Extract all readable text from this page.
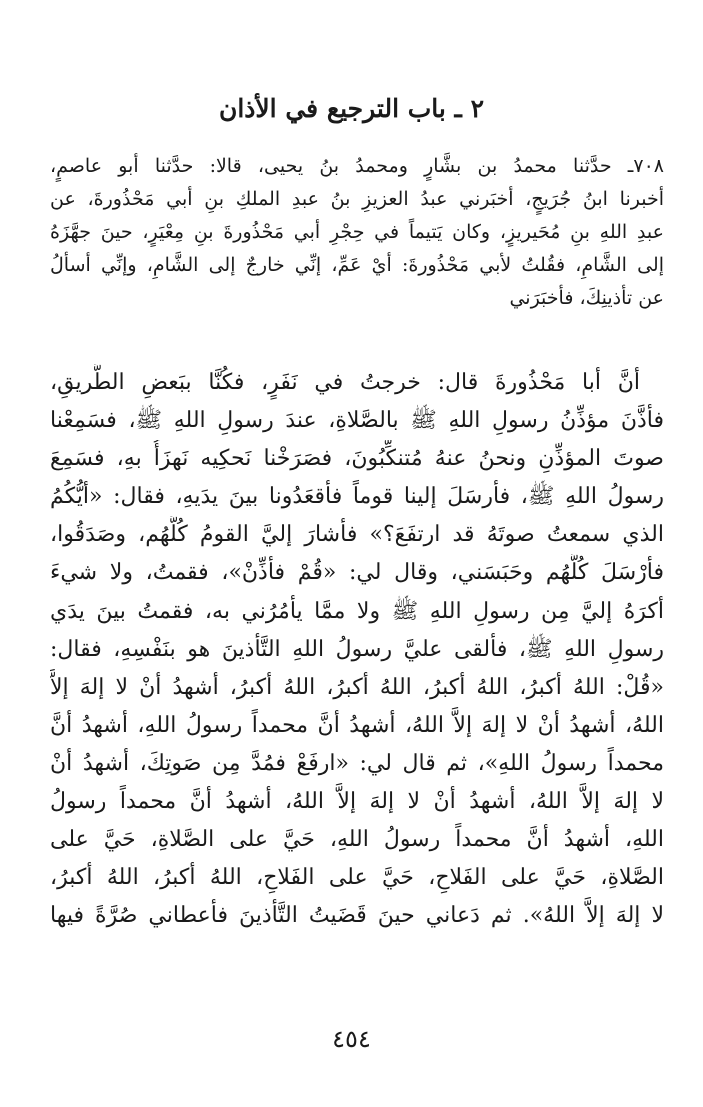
٢ ـ باب الترجيع في الأذان
٧٠٨ـ حدَّثنا محمدُ بن بشَّارٍ ومحمدُ بنُ يحيى، قالا: حدَّثنا أبو عاصمٍ،
أخبرنا ابنُ جُرَيجٍ، أخبَرني عبدُ العزيزِ بنُ عبدِ الملكِ بنِ أبي مَحْذُورةَ، عن
عبدِ اللهِ بنِ مُحَيريزٍ، وكان يَتيماً في حِجْرِ أبي مَحْذُورةَ بنِ مِعْيَرٍ، حينَ جهَّزَهُ
إلى الشَّامِ، فقُلتُ لأبي مَحْذُورةَ: أيْ عَمِّ، إنِّي خارجٌ إلى الشَّامِ، وإنِّي أسألُ
عن تأذينِكَ، فأخبَرَني
أنَّ أبا مَحْذُورةَ قال: خرجتُ في نَفَرٍ، فكُنَّا ببَعضِ الطَّريقِ،
فأذَّنَ مؤذِّنُ رسولِ اللهِ ﷺ بالصَّلاةِ، عندَ رسولِ اللهِ ﷺ، فسَمِعْنا
صوتَ المؤذِّنِ ونحنُ عنهُ مُتنكِّبُونَ، فصَرَخْنا نَحكِيه نَهزَأُ بهِ، فسَمِعَ
رسولُ اللهِ ﷺ، فأرسَلَ إلينا قوماً فأقعَدُونا بينَ يدَيهِ، فقال: «أيُّكُمُ
الذي سمعتُ صوتَهُ قد ارتفَعَ؟» فأشارَ إليَّ القومُ كُلُّهُم، وصَدَقُوا،
فأرْسَلَ كُلَّهُم وحَبَسَني، وقال لي: «قُمْ فأذِّنْ»، فقمتُ، ولا شيءَ
أكرَهُ إليَّ مِن رسولِ اللهِ ﷺ ولا ممَّا يأمُرُني به، فقمتُ بينَ يدَي
رسولِ اللهِ ﷺ، فألقى عليَّ رسولُ اللهِ التَّأذينَ هو بنَفْسِهِ، فقال:
«قُلْ: اللهُ أكبرُ، اللهُ أكبرُ، اللهُ أكبرُ، اللهُ أكبرُ، أشهدُ أنْ لا إلهَ إلاَّ
اللهُ، أشهدُ أنْ لا إلهَ إلاَّ اللهُ، أشهدُ أنَّ محمداً رسولُ اللهِ، أشهدُ أنَّ
محمداً رسولُ اللهِ»، ثم قال لي: «ارفَعْ فمُدَّ مِن صَوتِكَ، أشهدُ أنْ
لا إلهَ إلاَّ اللهُ، أشهدُ أنْ لا إلهَ إلاَّ اللهُ، أشهدُ أنَّ محمداً رسولُ
اللهِ، أشهدُ أنَّ محمداً رسولُ اللهِ، حَيَّ على الصَّلاةِ، حَيَّ على
الصَّلاةِ، حَيَّ على الفَلاحِ، حَيَّ على الفَلاحِ، اللهُ أكبرُ، اللهُ أكبرُ،
لا إلهَ إلاَّ اللهُ». ثم دَعاني حينَ قَضَيتُ التَّأذينَ فأعطاني صُرَّةً فيها
٤٥٤
